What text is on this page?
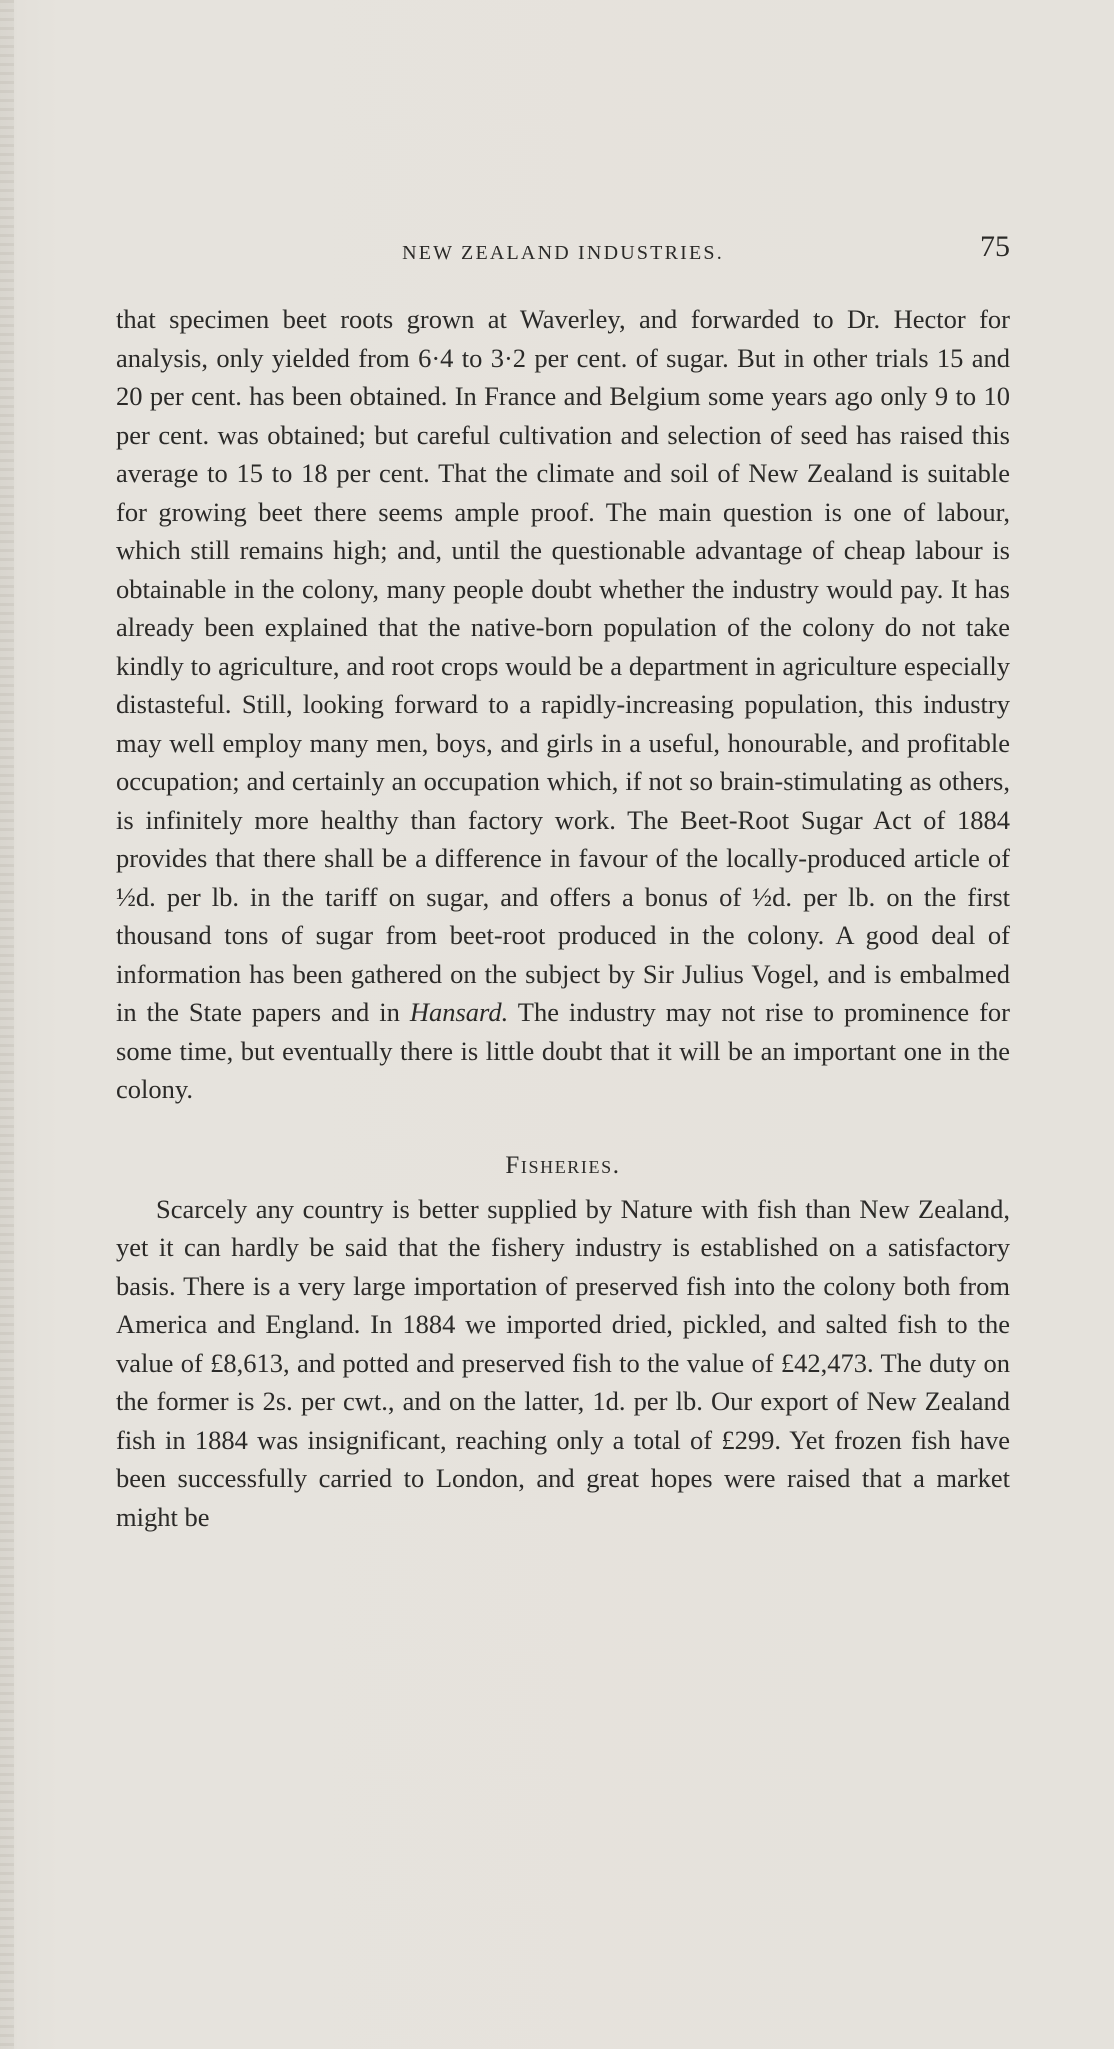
NEW ZEALAND INDUSTRIES.	75

that specimen beet roots grown at Waverley, and forwarded to Dr. Hector for analysis, only yielded from 6·4 to 3·2 per cent. of sugar. But in other trials 15 and 20 per cent. has been obtained. In France and Belgium some years ago only 9 to 10 per cent. was obtained; but careful cultivation and selection of seed has raised this average to 15 to 18 per cent. That the climate and soil of New Zealand is suitable for growing beet there seems ample proof. The main question is one of labour, which still remains high; and, until the questionable advantage of cheap labour is obtainable in the colony, many people doubt whether the industry would pay. It has already been explained that the native-born population of the colony do not take kindly to agriculture, and root crops would be a department in agriculture especially distasteful. Still, looking forward to a rapidly-increasing population, this industry may well employ many men, boys, and girls in a useful, honourable, and profitable occupation; and certainly an occupation which, if not so brain-stimulating as others, is infinitely more healthy than factory work. The Beet-Root Sugar Act of 1884 provides that there shall be a difference in favour of the locally-produced article of ½d. per lb. in the tariff on sugar, and offers a bonus of ½d. per lb. on the first thousand tons of sugar from beet-root produced in the colony. A good deal of information has been gathered on the subject by Sir Julius Vogel, and is embalmed in the State papers and in Hansard. The industry may not rise to prominence for some time, but eventually there is little doubt that it will be an important one in the colony.

Fisheries.

Scarcely any country is better supplied by Nature with fish than New Zealand, yet it can hardly be said that the fishery industry is established on a satisfactory basis. There is a very large importation of preserved fish into the colony both from America and England. In 1884 we imported dried, pickled, and salted fish to the value of £8,613, and potted and preserved fish to the value of £42,473. The duty on the former is 2s. per cwt., and on the latter, 1d. per lb. Our export of New Zealand fish in 1884 was insignificant, reaching only a total of £299. Yet frozen fish have been successfully carried to London, and great hopes were raised that a market might be
